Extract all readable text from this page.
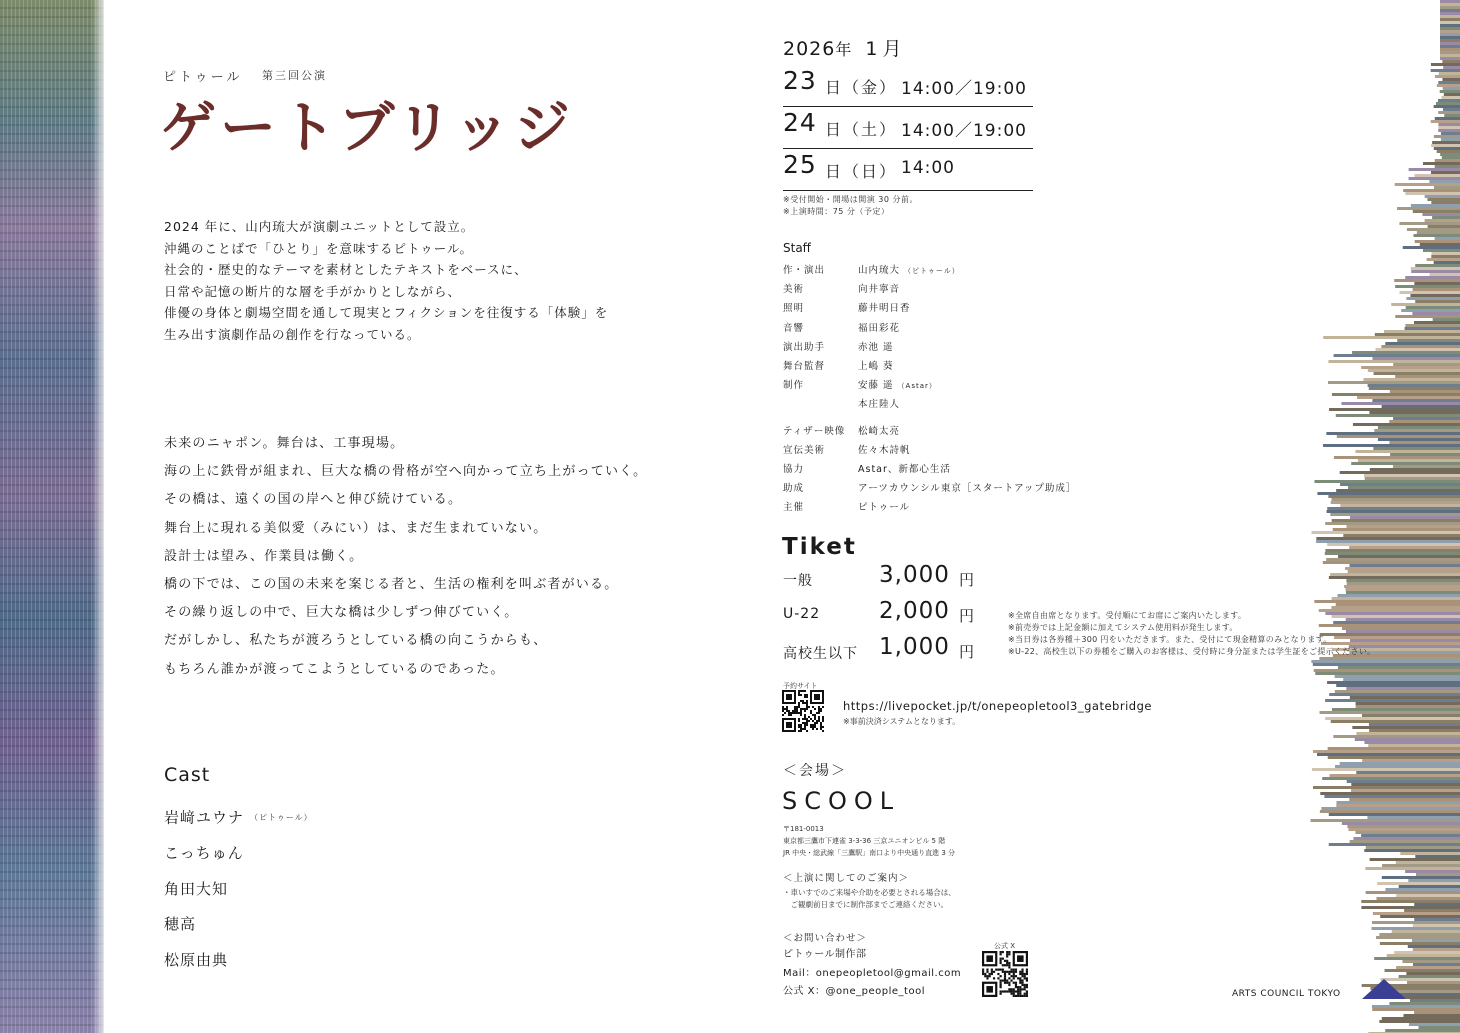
ピトゥール 第三回公演
ゲートブリッジ
2024 年に、山内琉大が演劇ユニットとして設立。
沖縄のことばで「ひとり」を意味するピトゥール。
社会的・歴史的なテーマを素材としたテキストをベースに、
日常や記憶の断片的な層を手がかりとしながら、
俳優の身体と劇場空間を通して現実とフィクションを往復する「体験」を
生み出す演劇作品の創作を行なっている。
未来のニャポン。舞台は、工事現場。
海の上に鉄骨が組まれ、巨大な橋の骨格が空へ向かって立ち上がっていく。
その橋は、遠くの国の岸へと伸び続けている。
舞台上に現れる美似愛（みにい）は、まだ生まれていない。
設計士は望み、作業員は働く。
橋の下では、この国の未来を案じる者と、生活の権利を叫ぶ者がいる。
その繰り返しの中で、巨大な橋は少しずつ伸びていく。
だがしかし、私たちが渡ろうとしている橋の向こうからも、
もちろん誰かが渡ってこようとしているのであった。
Cast
岩﨑ユウナ （ピトゥール）
こっちゅん
角田大知
穂高
松原由典
2026年 1 月
23 日（金） 14:00／19:00
24 日（土） 14:00／19:00
25 日（日） 14:00
※受付開始・開場は開演 30 分前。
※上演時間：75 分（予定）
Staff
作・演出	山内琉大 （ピトゥール）
美術	向井寧音
照明	藤井明日香
音響	福田彩花
演出助手	赤池 遥
舞台監督	上嶋 葵
制作	安藤 遥 （Astar）
本庄陸人
ティザー映像	松崎太亮
宣伝美術	佐々木詩帆
協力	Astar、新都心生活
助成	アーツカウンシル東京［スタートアップ助成］
主催	ピトゥール
Tiket
一般	3,000 円
U-22	2,000 円
高校生以下 1,000 円
※全席自由席となります。受付順にてお席にご案内いたします。
※前売券では上記金額に加えてシステム使用料が発生します。
※当日券は各券種＋300 円をいただきます。また、受付にて現金精算のみとなります。
※U-22、高校生以下の券種をご購入のお客様は、受付時に身分証または学生証をご提示ください。
予約サイト
https://livepocket.jp/t/onepeopletool3_gatebridge
※事前決済システムとなります。
＜会場＞
SCOOL
〒181-0013
東京都三鷹市下連雀 3-3-36 三京ユニオンビル 5 階
JR 中央・総武線「三鷹駅」南口より中央通り直進 3 分
＜上演に関してのご案内＞
・車いすでのご来場や介助を必要とされる場合は、
　ご観劇前日までに制作部までご連絡ください。
＜お問い合わせ＞
ピトゥール制作部
Mail：onepeopletool@gmail.com
公式 X：@one_people_tool
公式 X
ARTS COUNCIL TOKYO
